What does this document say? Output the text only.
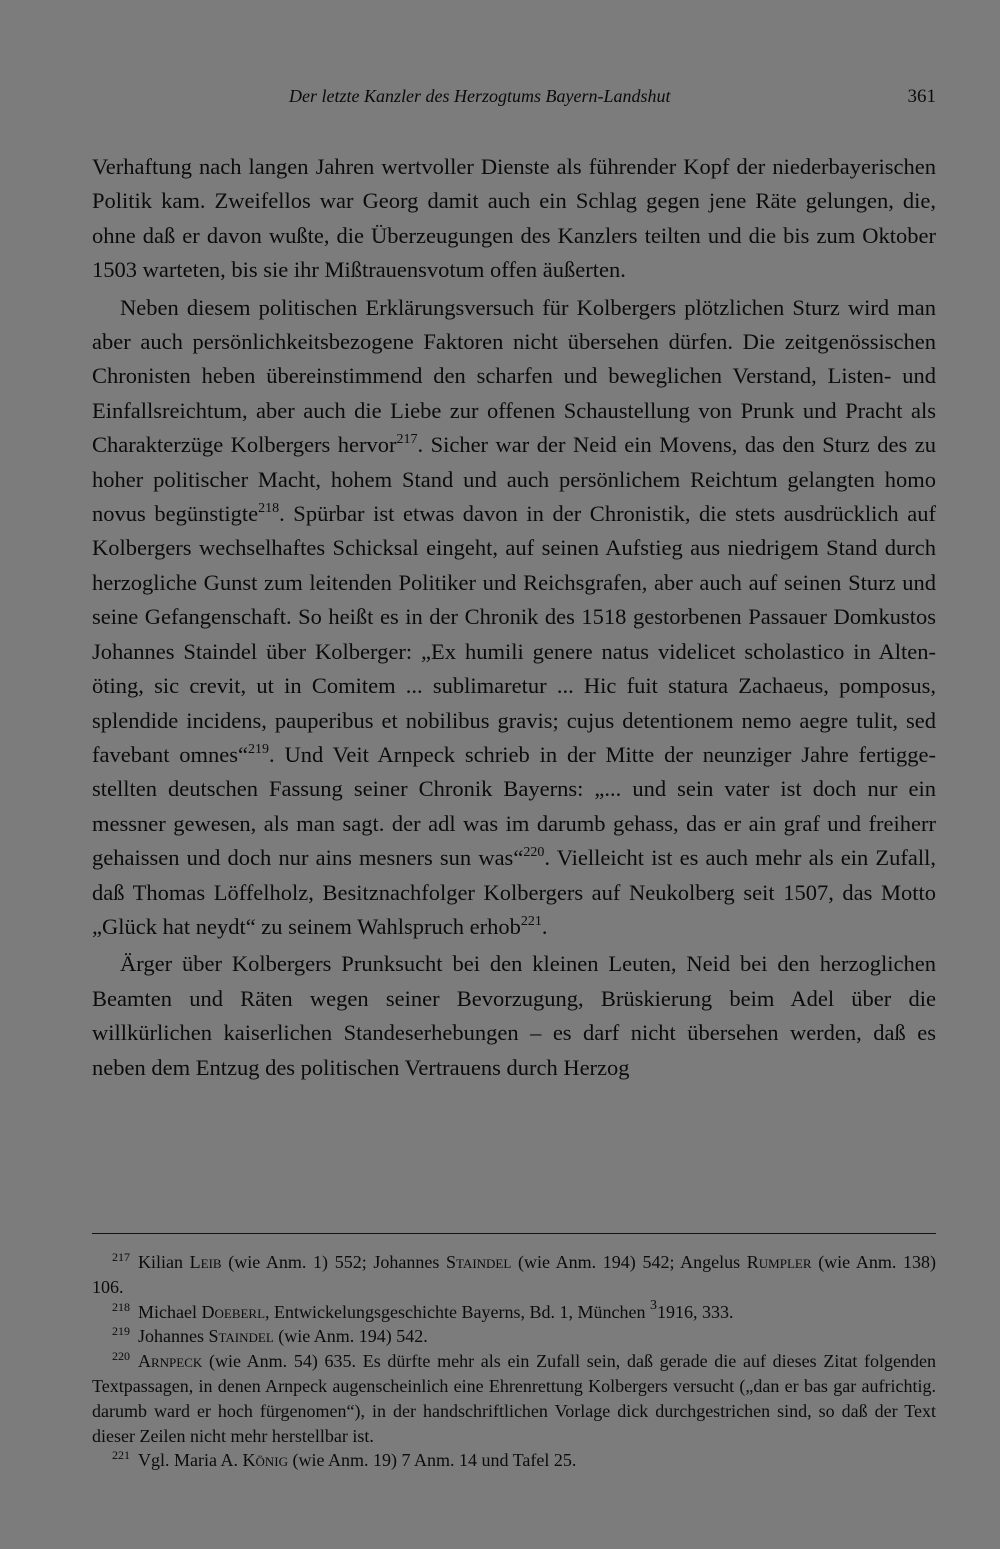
Der letzte Kanzler des Herzogtums Bayern-Landshut	361

Verhaftung nach langen Jahren wertvoller Dienste als führender Kopf der niederbayerischen Politik kam. Zweifellos war Georg damit auch ein Schlag gegen jene Räte gelungen, die, ohne daß er davon wußte, die Überzeugungen des Kanzlers teilten und die bis zum Oktober 1503 warteten, bis sie ihr Mißtrauensvotum offen äußerten.

Neben diesem politischen Erklärungsversuch für Kolbergers plötzlichen Sturz wird man aber auch persönlichkeitsbezogene Faktoren nicht übersehen dürfen. Die zeitgenössischen Chronisten heben übereinstimmend den scharfen und beweglichen Verstand, Listen- und Einfallsreichtum, aber auch die Liebe zur offenen Schaustellung von Prunk und Pracht als Charakterzüge Kolbergers hervor$^{217}$. Sicher war der Neid ein Movens, das den Sturz des zu hoher politischer Macht, hohem Stand und auch persönlichem Reichtum gelangten homo novus begünstigte$^{218}$. Spürbar ist etwas davon in der Chronistik, die stets ausdrücklich auf Kolbergers wechselhaftes Schicksal eingeht, auf seinen Aufstieg aus niedrigem Stand durch herzogliche Gunst zum leitenden Politiker und Reichsgrafen, aber auch auf seinen Sturz und seine Gefangenschaft. So heißt es in der Chronik des 1518 gestorbenen Passauer Domkustos Johannes Staindel über Kolberger: „Ex humili genere natus videlicet scholastico in Alten-öting, sic crevit, ut in Comitem ... sublimaretur ... Hic fuit statura Zachaeus, pomposus, splendide incidens, pauperibus et nobilibus gravis; cujus detentionem nemo aegre tulit, sed favebant omnes“$^{219}$. Und Veit Arnpeck schrieb in der Mitte der neunziger Jahre fertiggestellten deutschen Fassung seiner Chronik Bayerns: „... und sein vater ist doch nur ein messner gewesen, als man sagt. der adl was im darumb gehass, das er ain graf und freiherr gehaissen und doch nur ains mesners sun was“$^{220}$. Vielleicht ist es auch mehr als ein Zufall, daß Thomas Löffelholz, Besitznachfolger Kolbergers auf Neukolberg seit 1507, das Motto „Glück hat neydt“ zu seinem Wahlspruch erhob$^{221}$.

Ärger über Kolbergers Prunksucht bei den kleinen Leuten, Neid bei den herzoglichen Beamten und Räten wegen seiner Bevorzugung, Brüskierung beim Adel über die willkürlichen kaiserlichen Standeserhebungen – es darf nicht übersehen werden, daß es neben dem Entzug des politischen Vertrauens durch Herzog

$^{217}$ Kilian Leib (wie Anm. 1) 552; Johannes Staindel (wie Anm. 194) 542; Angelus Rumpler (wie Anm. 138) 106.

$^{218}$ Michael Doeberl, Entwickelungsgeschichte Bayerns, Bd. 1, München $^3$1916, 333.

$^{219}$ Johannes Staindel (wie Anm. 194) 542.

$^{220}$ Arnpeck (wie Anm. 54) 635. Es dürfte mehr als ein Zufall sein, daß gerade die auf dieses Zitat folgenden Textpassagen, in denen Arnpeck augenscheinlich eine Ehrenrettung Kolbergers versucht („dan er bas gar aufrichtig. darumb ward er hoch fürgenomen“), in der handschriftlichen Vorlage dick durchgestrichen sind, so daß der Text dieser Zeilen nicht mehr herstellbar ist.

$^{221}$ Vgl. Maria A. König (wie Anm. 19) 7 Anm. 14 und Tafel 25.
